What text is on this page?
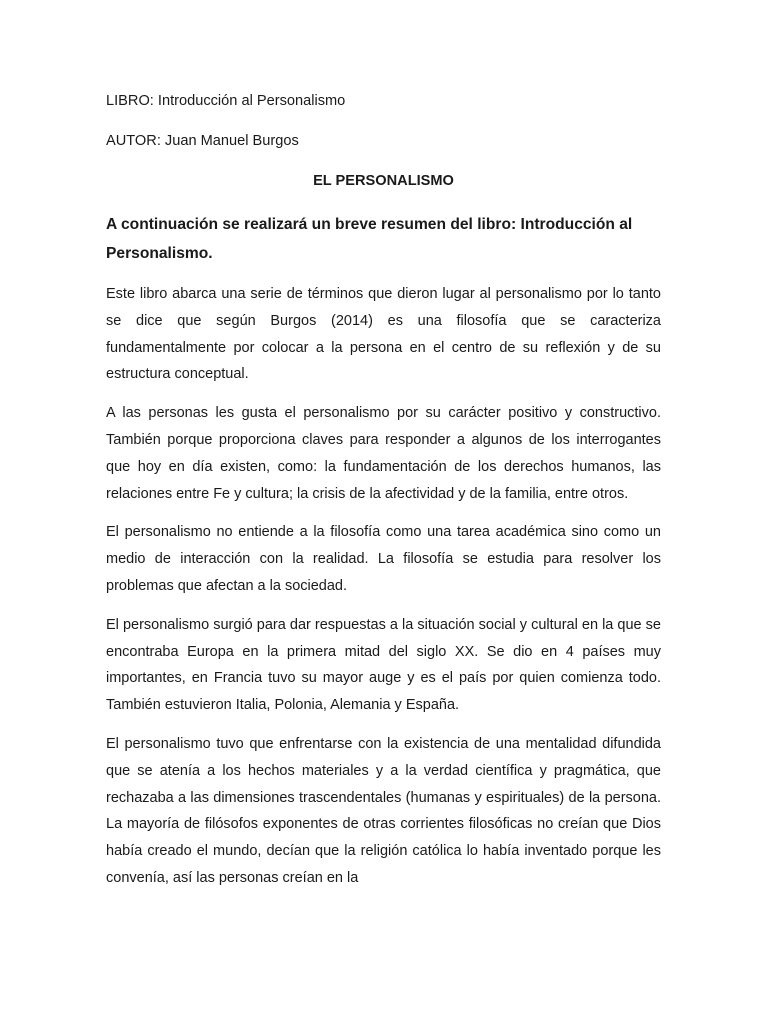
LIBRO: Introducción al Personalismo
AUTOR: Juan Manuel Burgos
EL PERSONALISMO
A continuación se realizará un breve resumen del libro: Introducción al Personalismo.

Este libro abarca una serie de términos que dieron lugar al personalismo por lo tanto se dice que según Burgos (2014) es una filosofía que se caracteriza fundamentalmente por colocar a la persona en el centro de su reflexión y de su estructura conceptual.

A las personas les gusta el personalismo por su carácter positivo y constructivo. También porque proporciona claves para responder a algunos de los interrogantes que hoy en día existen, como: la fundamentación de los derechos humanos, las relaciones entre Fe y cultura; la crisis de la afectividad y de la familia, entre otros.

El personalismo no entiende a la filosofía como una tarea académica sino como un medio de interacción con la realidad. La filosofía se estudia para resolver los problemas que afectan a la sociedad.

El personalismo surgió para dar respuestas a la situación social y cultural en la que se encontraba Europa en la primera mitad del siglo XX. Se dio en 4 países muy importantes, en Francia tuvo su mayor auge y es el país por quien comienza todo. También estuvieron Italia, Polonia, Alemania y España.

El personalismo tuvo que enfrentarse con la existencia de una mentalidad difundida que se atenía a los hechos materiales y a la verdad científica y pragmática, que rechazaba a las dimensiones trascendentales (humanas y espirituales) de la persona. La mayoría de filósofos exponentes de otras corrientes filosóficas no creían que Dios había creado el mundo, decían que la religión católica lo había inventado porque les convenía, así las personas creían en la
